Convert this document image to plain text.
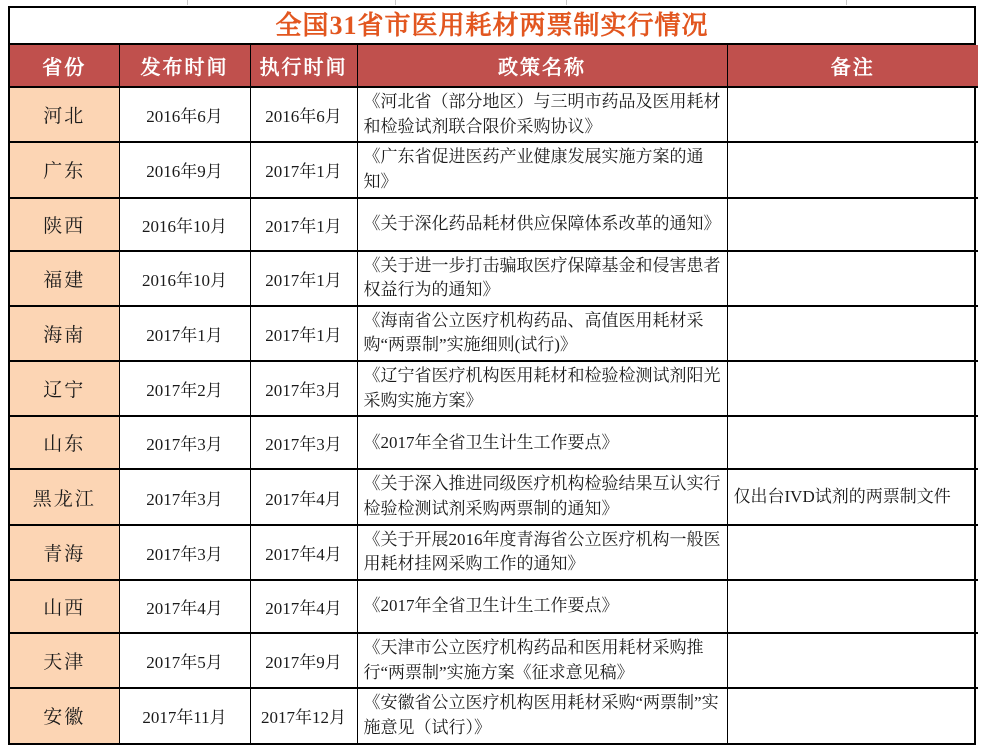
全国31省市医用耗材两票制实行情况
省份	发布时间	执行时间	政策名称	备注
河北	2016年6月	2016年6月	《河北省（部分地区）与三明市药品及医用耗材和检验试剂联合限价采购协议》	
广东	2016年9月	2017年1月	《广东省促进医药产业健康发展实施方案的通知》	
陕西	2016年10月	2017年1月	《关于深化药品耗材供应保障体系改革的通知》	
福建	2016年10月	2017年1月	《关于进一步打击骗取医疗保障基金和侵害患者权益行为的通知》	
海南	2017年1月	2017年1月	《海南省公立医疗机构药品、高值医用耗材采购“两票制”实施细则(试行)》	
辽宁	2017年2月	2017年3月	《辽宁省医疗机构医用耗材和检验检测试剂阳光采购实施方案》	
山东	2017年3月	2017年3月	《2017年全省卫生计生工作要点》	
黑龙江	2017年3月	2017年4月	《关于深入推进同级医疗机构检验结果互认实行检验检测试剂采购两票制的通知》	仅出台IVD试剂的两票制文件
青海	2017年3月	2017年4月	《关于开展2016年度青海省公立医疗机构一般医用耗材挂网采购工作的通知》	
山西	2017年4月	2017年4月	《2017年全省卫生计生工作要点》	
天津	2017年5月	2017年9月	《天津市公立医疗机构药品和医用耗材采购推行“两票制”实施方案《征求意见稿》	
安徽	2017年11月	2017年12月	《安徽省公立医疗机构医用耗材采购“两票制”实施意见（试行）》	
